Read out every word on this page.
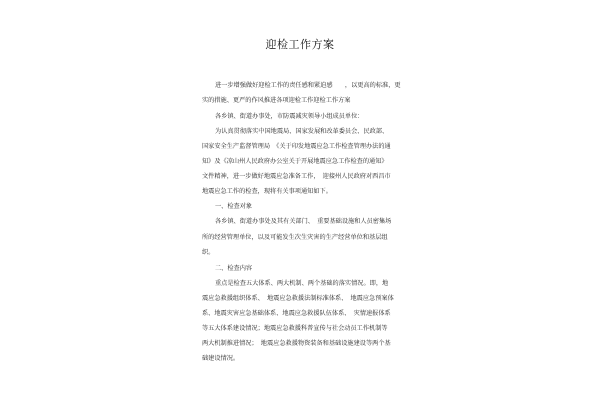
迎检工作方案
进一步增强做好迎检工作的责任感和紧迫感　　，以更高的标准，更
实的措施、更严的作风推进各项迎检工作迎检工作方案
各乡镇、街道办事处，市防震减灾领导小组成员单位：
为认真贯彻落实中国地震局、国家发展和改革委员会、民政部、
国家安全生产监督管理局　《关于印发地震应急工作检查管理办法的通
知》及《凉山州人民政府办公室关于开展地震应急工作检查的通知》
文件精神，进一步做好地震应急准备工作，　迎接州人民政府对西昌市
地震应急工作的检查，现将有关事项通知如下。
一、检查对象
各乡镇、街道办事处及其有关部门、　重要基础设施和人员密集场
所的经营管理单位，以及可能发生次生灾害的生产经营单位和基层组
织。
二、检查内容
重点是检查五大体系、两大机制、两个基础的落实情况。即，地
震应急救援组织体系、　地震应急救援法制标准体系、　地震应急预案体
系、地震灾害应急基础体系、地震应急救援队伍体系、　灾情速报体系
等五大体系建设情况；地震应急救援科普宣传与社会动员工作机制等
两大机制推进情况；　地震应急救援物资装备和基础设施建设等两个基
础建设情况。
